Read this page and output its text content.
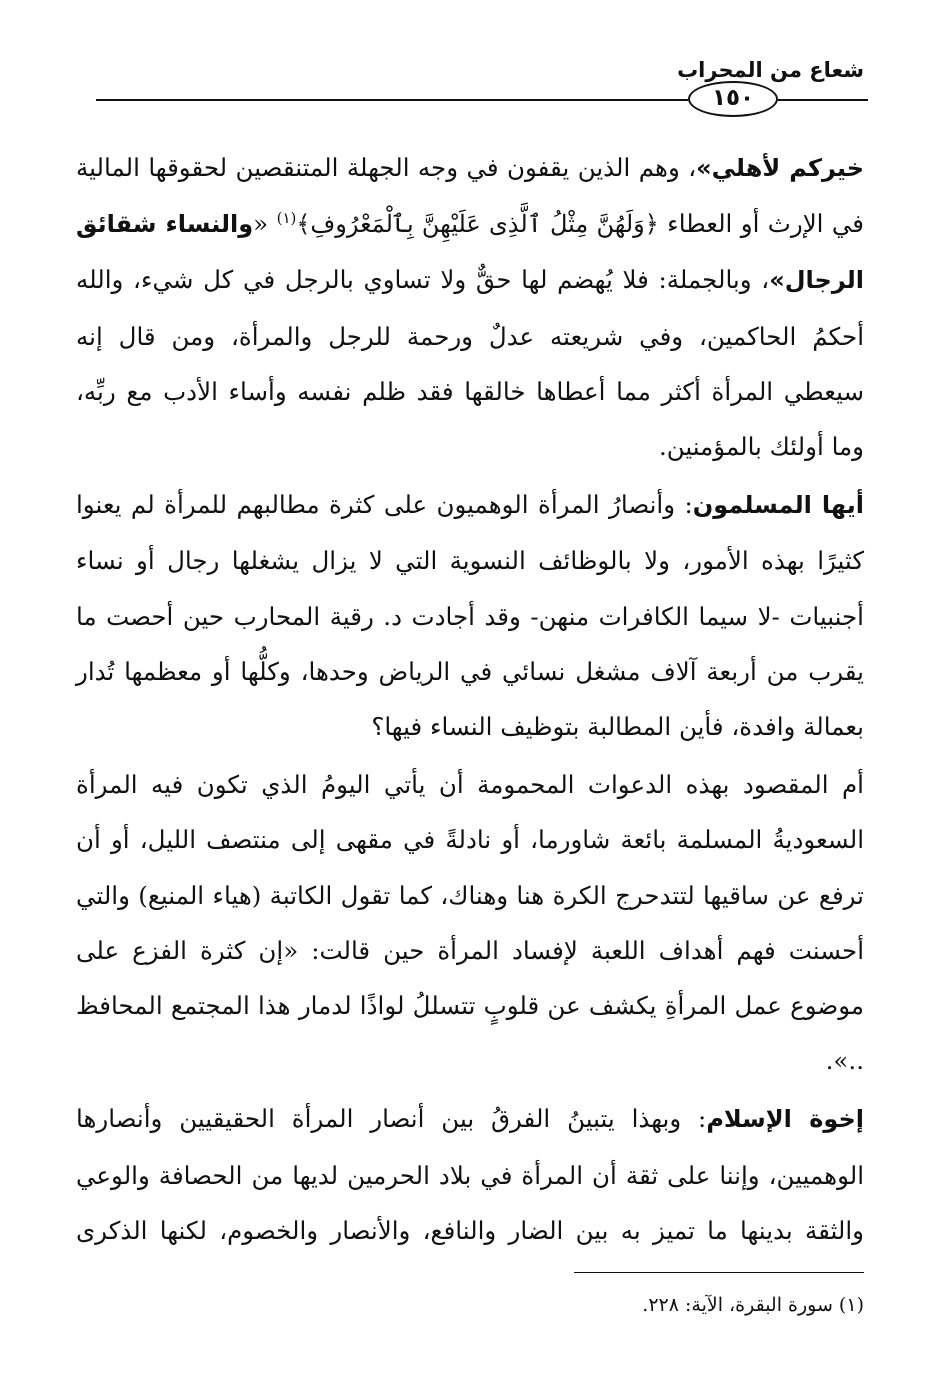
شعاع من المحراب
١٥٠

خيركم لأهلي»، وهم الذين يقفون في وجه الجهلة المتنقصين لحقوقها المالية في الإرث أو العطاء ﴿وَلَهُنَّ مِثْلُ ٱلَّذِى عَلَيْهِنَّ بِٱلْمَعْرُوفِ﴾$^{(١)}$ «والنساء شقائق الرجال»، وبالجملة: فلا يُهضم لها حقٌّ ولا تساوي بالرجل في كل شيء، والله أحكمُ الحاكمين، وفي شريعته عدلٌ ورحمة للرجل والمرأة، ومن قال إنه سيعطي المرأة أكثر مما أعطاها خالقها فقد ظلم نفسه وأساء الأدب مع ربِّه، وما أولئك بالمؤمنين.

أيها المسلمون: وأنصارُ المرأة الوهميون على كثرة مطالبهم للمرأة لم يعنوا كثيرًا بهذه الأمور، ولا بالوظائف النسوية التي لا يزال يشغلها رجال أو نساء أجنبيات -لا سيما الكافرات منهن- وقد أجادت د. رقية المحارب حين أحصت ما يقرب من أربعة آلاف مشغل نسائي في الرياض وحدها، وكلُّها أو معظمها تُدار بعمالة وافدة، فأين المطالبة بتوظيف النساء فيها؟

أم المقصود بهذه الدعوات المحمومة أن يأتي اليومُ الذي تكون فيه المرأة السعوديةُ المسلمة بائعة شاورما، أو نادلةً في مقهى إلى منتصف الليل، أو أن ترفع عن ساقيها لتتدحرج الكرة هنا وهناك، كما تقول الكاتبة (هياء المنيع) والتي أحسنت فهم أهداف اللعبة لإفساد المرأة حين قالت: «إن كثرة الفزع على موضوع عمل المرأةِ يكشف عن قلوبٍ تتسللُ لواذًا لدمار هذا المجتمع المحافظ ..».

إخوة الإسلام: وبهذا يتبينُ الفرقُ بين أنصار المرأة الحقيقيين وأنصارها الوهميين، وإننا على ثقة أن المرأة في بلاد الحرمين لديها من الحصافة والوعي والثقة بدينها ما تميز به بين الضار والنافع، والأنصار والخصوم، لكنها الذكرى

(١) سورة البقرة، الآية: ٢٢٨.
